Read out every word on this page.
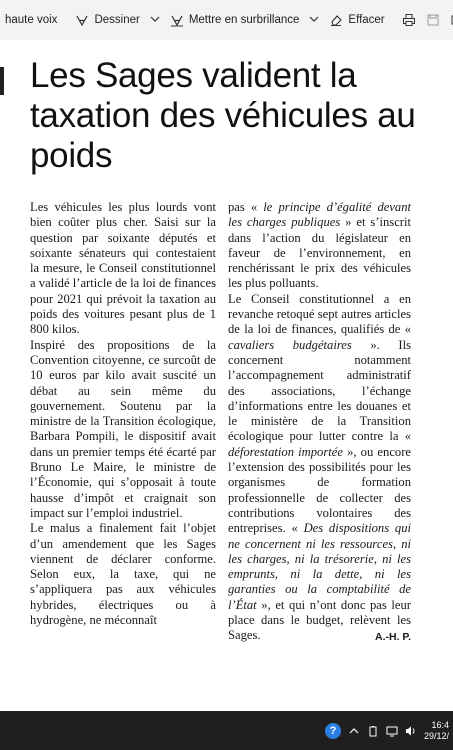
haute voix	Dessiner	Mettre en surbrillance	Effacer
Les Sages valident la taxation des véhicules au poids

Les véhicules les plus lourds vont bien coûter plus cher. Saisi sur la question par soixante députés et soixante sénateurs qui contestaient la mesure, le Conseil constitutionnel a validé l’article de la loi de finances pour 2021 qui prévoit la taxation au poids des voitures pesant plus de 1 800 kilos.

Inspiré des propositions de la Convention citoyenne, ce surcoût de 10 euros par kilo avait suscité un débat au sein même du gouvernement. Soutenu par la ministre de la Transition écologique, Barbara Pompili, le dispositif avait dans un premier temps été écarté par Bruno Le Maire, le ministre de l’Économie, qui s’opposait à toute hausse d’impôt et craignait son impact sur l’emploi industriel.

Le malus a finalement fait l’objet d’un amendement que les Sages viennent de déclarer conforme. Selon eux, la taxe, qui ne s’appliquera pas aux véhicules hybrides, électriques ou à hydrogène, ne méconnaît

pas « le principe d’égalité devant les charges publiques » et s’inscrit dans l’action du législateur en faveur de l’environnement, en renchérissant le prix des véhicules les plus polluants.

Le Conseil constitutionnel a en revanche retoqué sept autres articles de la loi de finances, qualifiés de « cavaliers budgétaires ». Ils concernent notamment l’accompagnement administratif des associations, l’échange d’informations entre les douanes et le ministère de la Transition écologique pour lutter contre la « déforestation importée », ou encore l’extension des possibilités pour les organismes de formation professionnelle de collecter des contributions volontaires des entreprises. « Des dispositions qui ne concernent ni les ressources, ni les charges, ni la trésorerie, ni les emprunts, ni la dette, ni les garanties ou la comptabilité de l’État », et qui n’ont donc pas leur place dans le budget, relèvent les Sages.	A.-H. P.

?	16:4
29/12/
